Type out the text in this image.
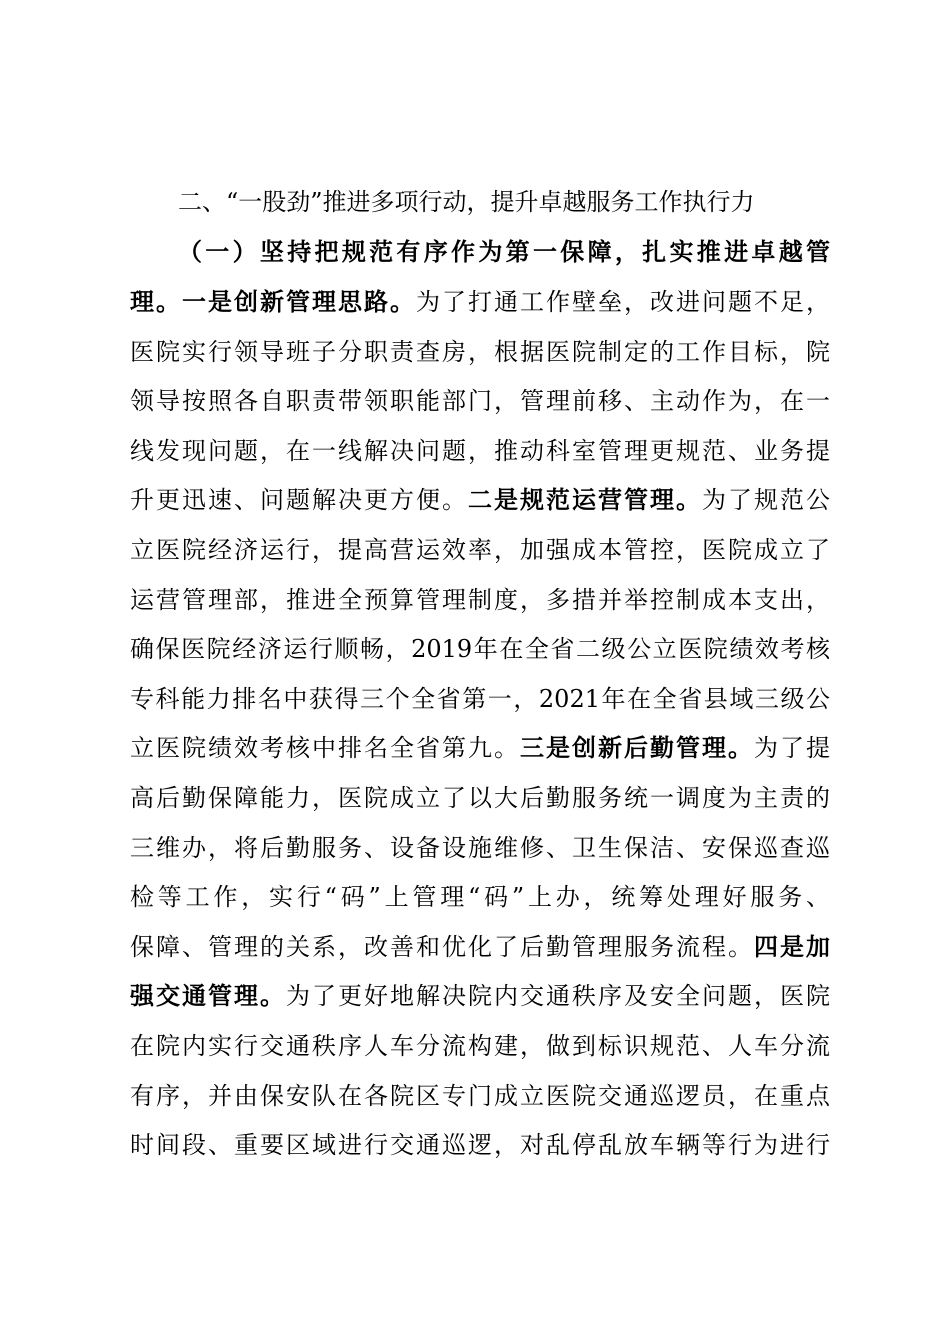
二、“一股劲”推进多项行动，提升卓越服务工作执行力
（一）坚持把规范有序作为第一保障，扎实推进卓越管
理。一是创新管理思路。为了打通工作壁垒，改进问题不足，
医院实行领导班子分职责查房，根据医院制定的工作目标，院
领导按照各自职责带领职能部门，管理前移、主动作为，在一
线发现问题，在一线解决问题，推动科室管理更规范、业务提
升更迅速、问题解决更方便。二是规范运营管理。为了规范公
立医院经济运行，提高营运效率，加强成本管控，医院成立了
运营管理部，推进全预算管理制度，多措并举控制成本支出，
确保医院经济运行顺畅，2019年在全省二级公立医院绩效考核
专科能力排名中获得三个全省第一，2021年在全省县域三级公
立医院绩效考核中排名全省第九。三是创新后勤管理。为了提
高后勤保障能力，医院成立了以大后勤服务统一调度为主责的
三维办，将后勤服务、设备设施维修、卫生保洁、安保巡查巡
检等工作，实行“码”上管理“码”上办，统筹处理好服务、
保障、管理的关系，改善和优化了后勤管理服务流程。四是加
强交通管理。为了更好地解决院内交通秩序及安全问题，医院
在院内实行交通秩序人车分流构建，做到标识规范、人车分流
有序，并由保安队在各院区专门成立医院交通巡逻员，在重点
时间段、重要区域进行交通巡逻，对乱停乱放车辆等行为进行
